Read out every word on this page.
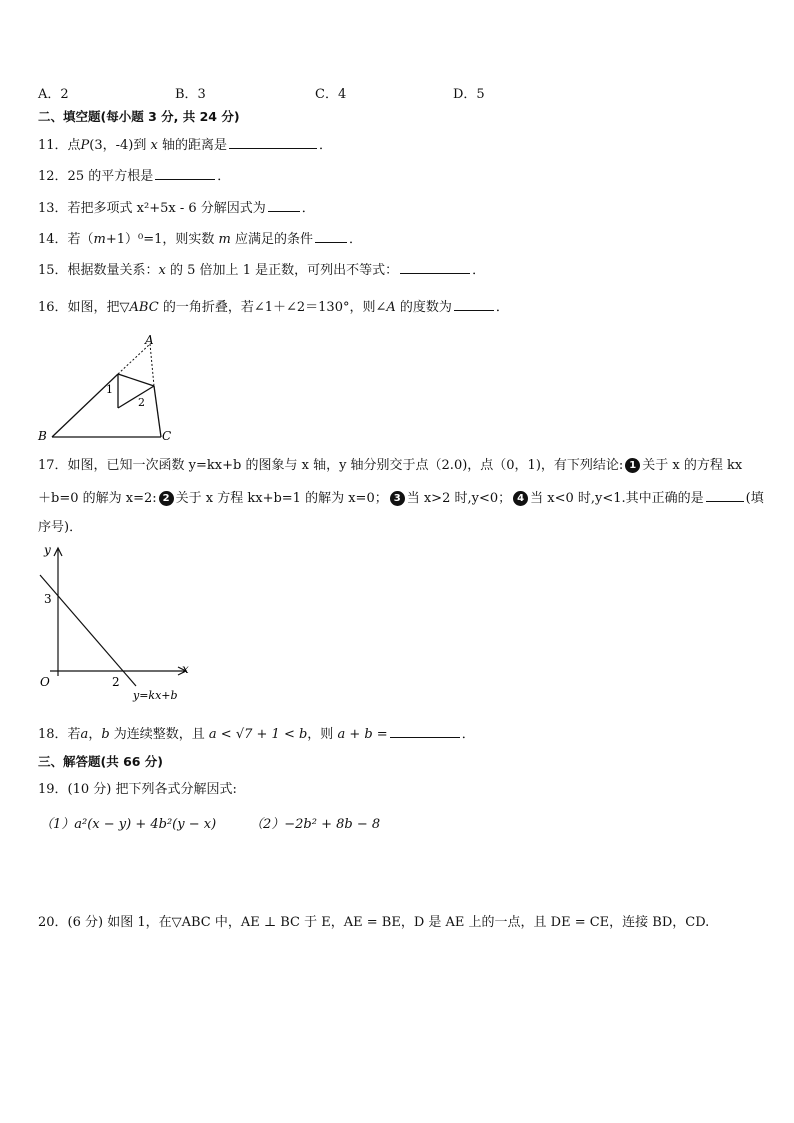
A．2	B．3	C．4	D．5
二、填空题(每小题 3 分, 共 24 分)
11．点P(3，-4)到 x 轴的距离是	．
12．25 的平方根是	．
13．若把多项式 x²+5x - 6 分解因式为	．
14．若（m+1）⁰=1，则实数 m 应满足的条件	．
15．根据数量关系：x 的 5 倍加上 1 是正数，可列出不等式：	．
16．如图，把▽ABC 的一角折叠，若∠1＋∠2＝130°，则∠A 的度数为	．
A
B	C
1
2
17．如图，已知一次函数 y=kx+b 的图象与 x 轴，y 轴分别交于点（2.0)，点（0，1)，有下列结论: 1 关于 x 的方程 kx
＋b=0 的解为 x=2: 2 关于 x 方程 kx+b=1 的解为 x=0； 3 当 x>2 时,y<0； 4 当 x<0 时,y<1.其中正确的是	(填
序号)．
y
x
O
3
2
y=kx+b
18．若a，b 为连续整数，且 a < √7 + 1 < b，则 a + b =	．
三、解答题(共 66 分)
19．(10 分) 把下列各式分解因式:
（1）a²(x − y) + 4b²(y − x)	（2）−2b² + 8b − 8
20．(6 分) 如图 1，在▽ABC 中，AE ⊥ BC 于 E，AE = BE，D 是 AE 上的一点，且 DE = CE，连接 BD，CD.
